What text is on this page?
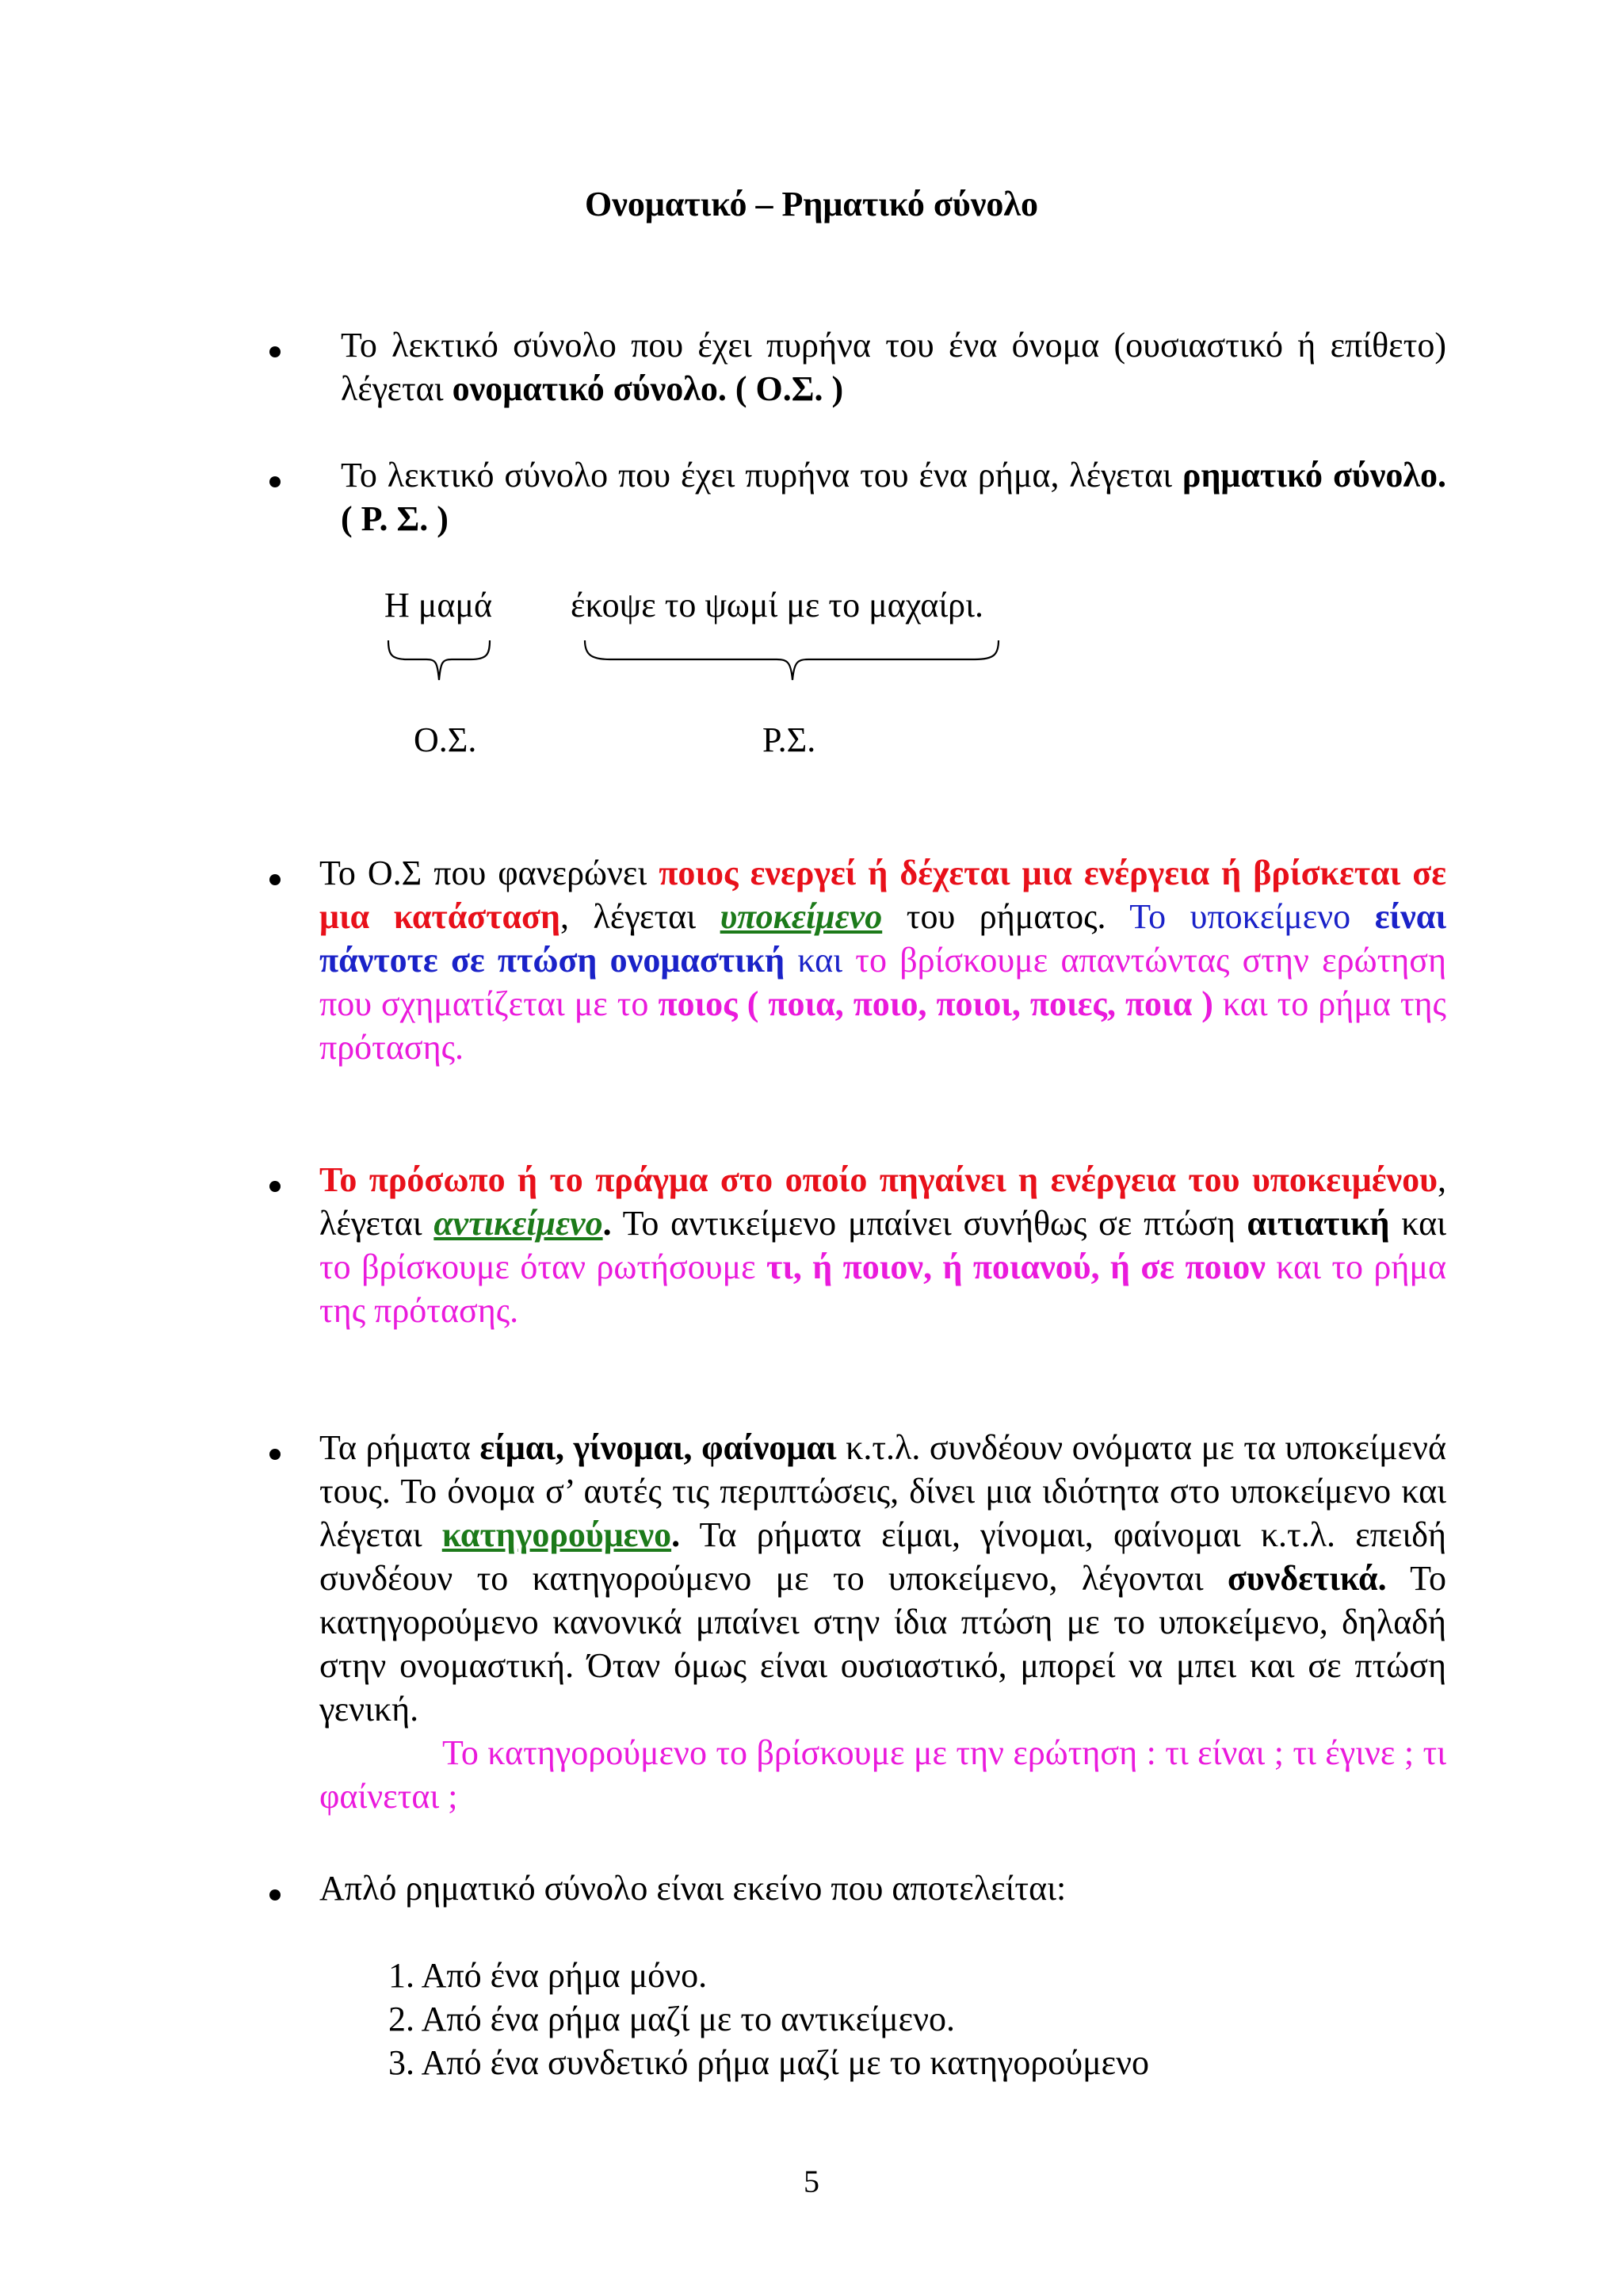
Ονοματικό – Ρηματικό σύνολο
Το λεκτικό σύνολο που έχει πυρήνα του ένα όνομα (ουσιαστικό ή επίθετο) λέγεται ονοματικό σύνολο. ( Ο.Σ. )
Το λεκτικό σύνολο που έχει πυρήνα του ένα ρήμα, λέγεται ρηματικό σύνολο. ( Ρ. Σ. )
Η μαμά έκοψε το ψωμί με το μαχαίρι.
Ο.Σ.	Ρ.Σ.
Το Ο.Σ που φανερώνει ποιος ενεργεί ή δέχεται μια ενέργεια ή βρίσκεται σε μια κατάσταση, λέγεται υποκείμενο του ρήματος. Το υποκείμενο είναι πάντοτε σε πτώση ονομαστική και το βρίσκουμε απαντώντας στην ερώτηση που σχηματίζεται με το ποιος ( ποια, ποιο, ποιοι, ποιες, ποια ) και το ρήμα της πρότασης.
Το πρόσωπο ή το πράγμα στο οποίο πηγαίνει η ενέργεια του υποκειμένου, λέγεται αντικείμενο. Το αντικείμενο μπαίνει συνήθως σε πτώση αιτιατική και το βρίσκουμε όταν ρωτήσουμε τι, ή ποιον, ή ποιανού, ή σε ποιον και το ρήμα της πρότασης.
Τα ρήματα είμαι, γίνομαι, φαίνομαι κ.τ.λ. συνδέουν ονόματα με τα υποκείμενά τους. Το όνομα σ’ αυτές τις περιπτώσεις, δίνει μια ιδιότητα στο υποκείμενο και λέγεται κατηγορούμενο. Τα ρήματα είμαι, γίνομαι, φαίνομαι κ.τ.λ. επειδή συνδέουν το κατηγορούμενο με το υποκείμενο, λέγονται συνδετικά. Το κατηγορούμενο κανονικά μπαίνει στην ίδια πτώση με το υποκείμενο, δηλαδή στην ονομαστική. Όταν όμως είναι ουσιαστικό, μπορεί να μπει και σε πτώση γενική.
Το κατηγορούμενο το βρίσκουμε με την ερώτηση : τι είναι ; τι έγινε ; τι φαίνεται ;
Απλό ρηματικό σύνολο είναι εκείνο που αποτελείται:
1. Από ένα ρήμα μόνο.
2. Από ένα ρήμα μαζί με το αντικείμενο.
3. Από ένα συνδετικό ρήμα μαζί με το κατηγορούμενο
5
